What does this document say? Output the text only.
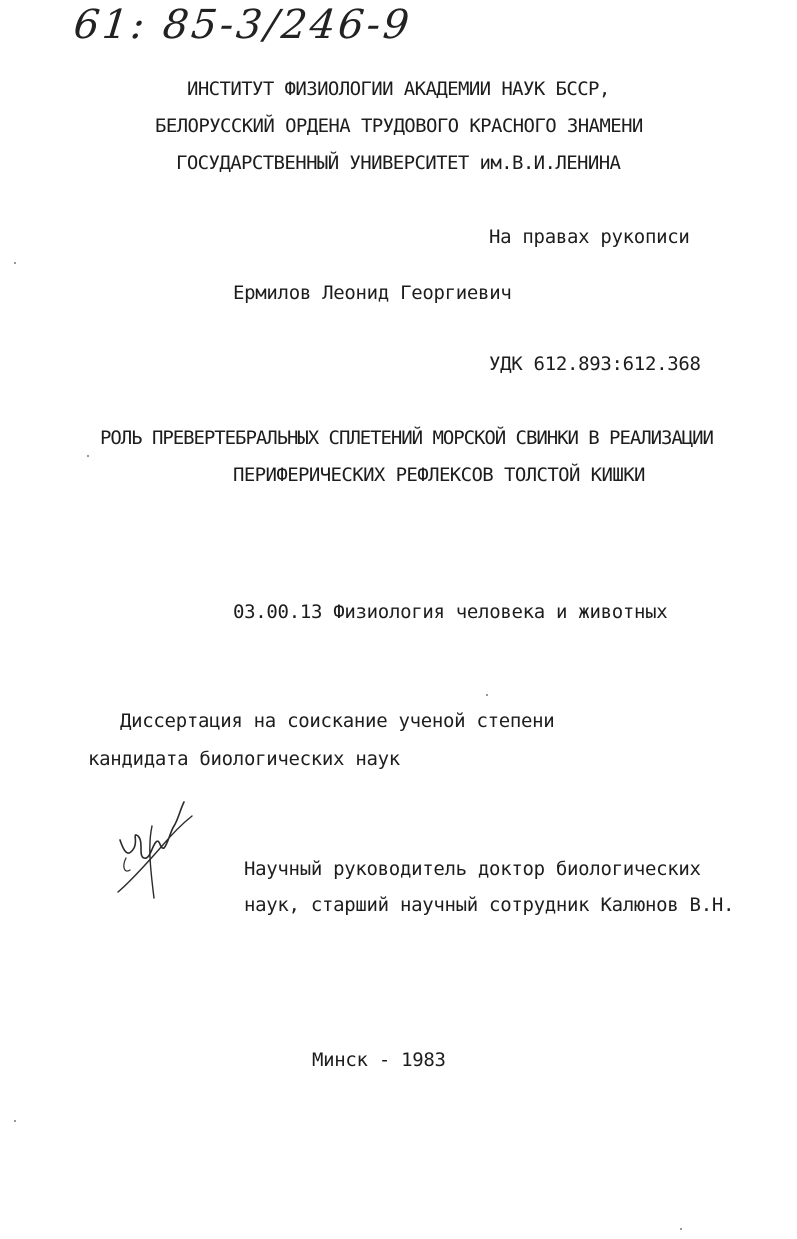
61: 85-3/246-9
ИНСТИТУТ ФИЗИОЛОГИИ АКАДЕМИИ НАУК БССР,
БЕЛОРУССКИЙ ОРДЕНА ТРУДОВОГО КРАСНОГО ЗНАМЕНИ
ГОСУДАРСТВЕННЫЙ УНИВЕРСИТЕТ им.В.И.ЛЕНИНА
На правах рукописи
Ермилов Леонид Георгиевич
УДК 612.893:612.368
РОЛЬ ПРЕВЕРТЕБРАЛЬНЫХ СПЛЕТЕНИЙ МОРСКОЙ СВИНКИ В РЕАЛИЗАЦИИ
ПЕРИФЕРИЧЕСКИХ РЕФЛЕКСОВ ТОЛСТОЙ КИШКИ
03.00.13 Физиология человека и животных
Диссертация на соискание ученой степени
кандидата биологических наук
Научный руководитель доктор биологических
наук, старший научный сотрудник Калюнов В.Н.
Минск - 1983
